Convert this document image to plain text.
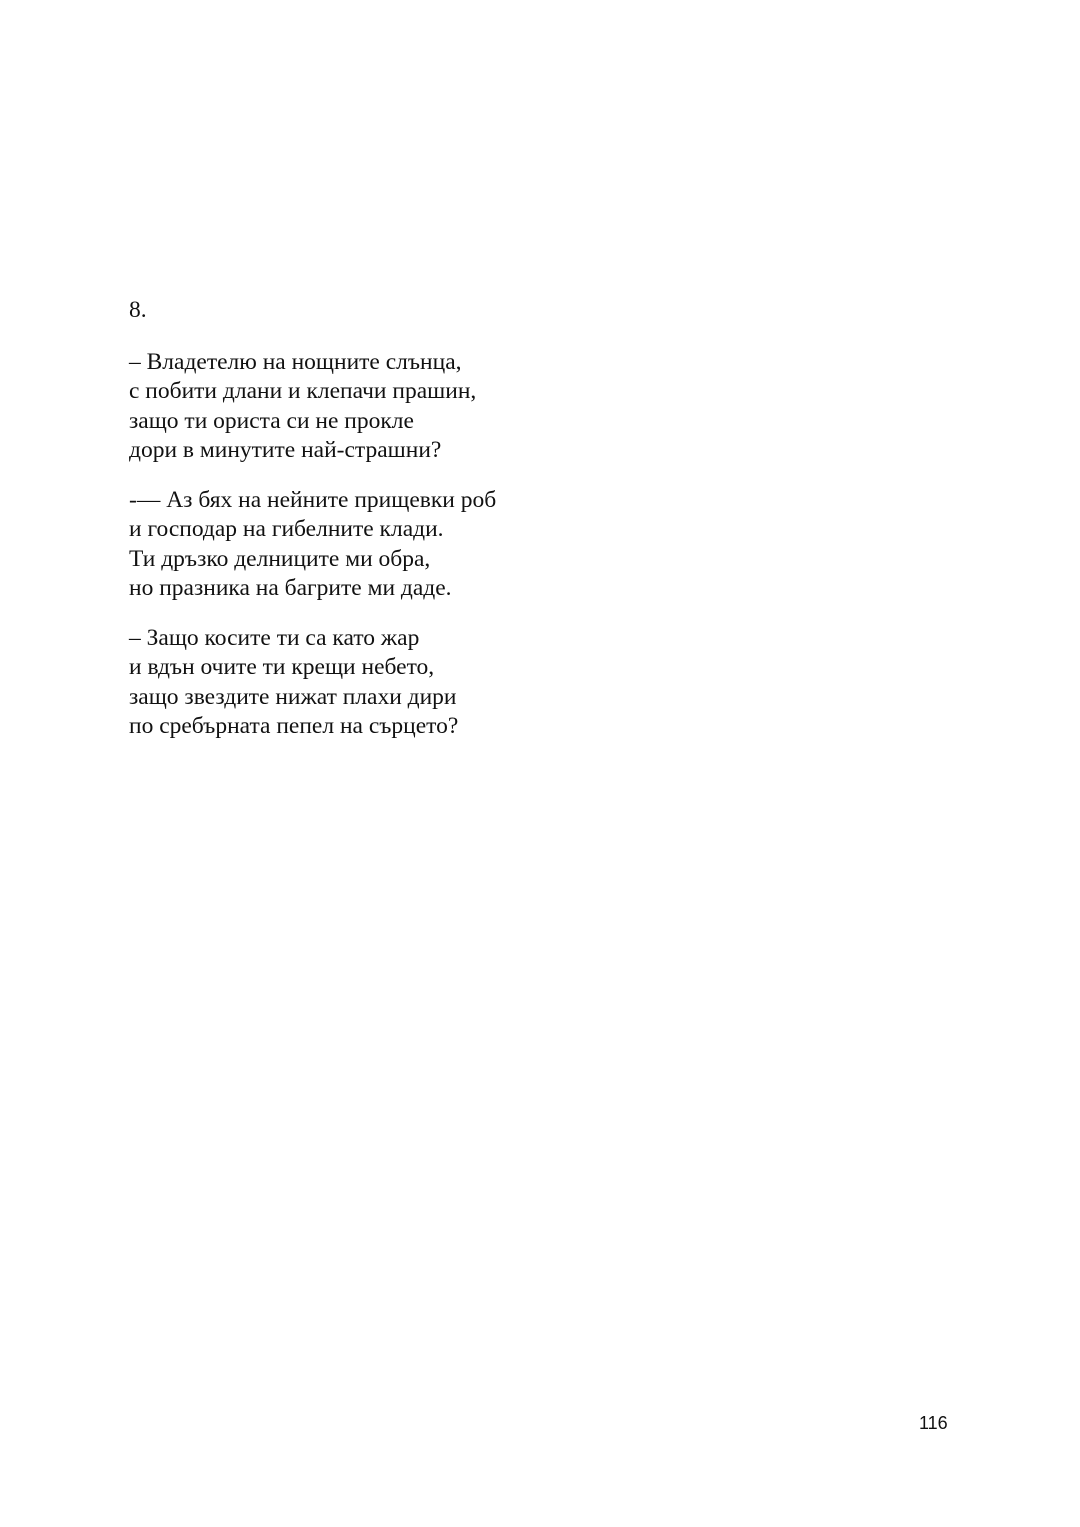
8.
– Владетелю на нощните слънца,
с побити длани и клепачи прашин,
защо ти ориста си не прокле
дори в минутите най-страшни?
-— Аз бях на нейните прищевки роб
и господар на гибелните клади.
Ти дръзко делниците ми обра,
но празника на багрите ми даде.
– Защо косите ти са като жар
и вдън очите ти крещи небето,
защо звездите нижат плахи дири
по сребърната пепел на сърцето?
116
